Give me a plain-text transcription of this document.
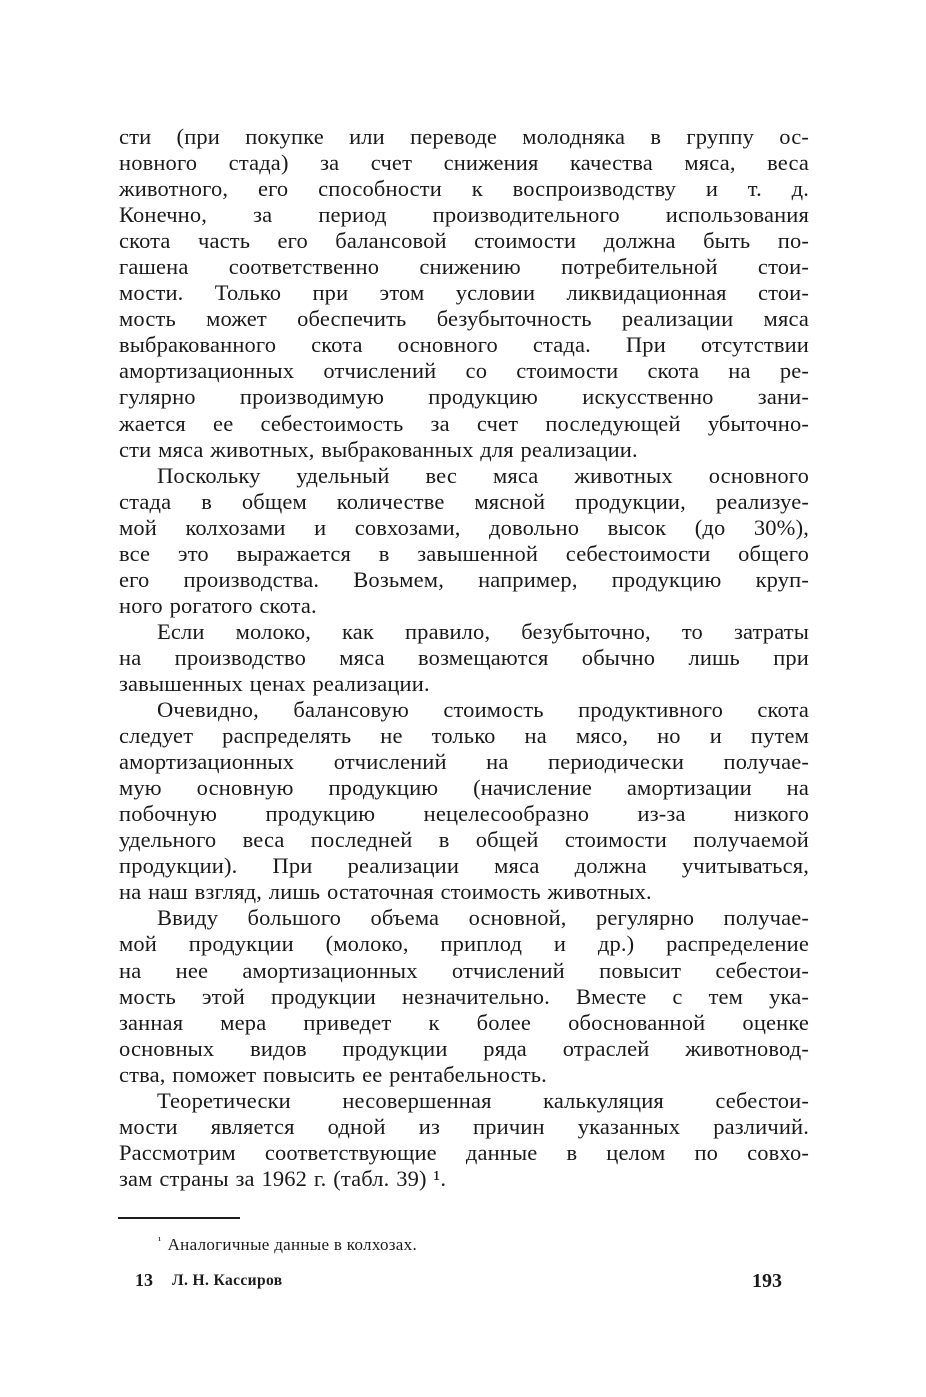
сти (при покупке или переводе молодняка в группу ос-
новного стада) за счет снижения качества мяса, веса
животного, его способности к воспроизводству и т. д.
Конечно, за период производительного использования
скота часть его балансовой стоимости должна быть по-
гашена соответственно снижению потребительной стои-
мости. Только при этом условии ликвидационная стои-
мость может обеспечить безубыточность реализации мяса
выбракованного скота основного стада. При отсутствии
амортизационных отчислений со стоимости скота на ре-
гулярно производимую продукцию искусственно зани-
жается ее себестоимость за счет последующей убыточно-
сти мяса животных, выбракованных для реализации.
Поскольку удельный вес мяса животных основного
стада в общем количестве мясной продукции, реализуе-
мой колхозами и совхозами, довольно высок (до 30%),
все это выражается в завышенной себестоимости общего
его производства. Возьмем, например, продукцию круп-
ного рогатого скота.
Если молоко, как правило, безубыточно, то затраты
на производство мяса возмещаются обычно лишь при
завышенных ценах реализации.
Очевидно, балансовую стоимость продуктивного скота
следует распределять не только на мясо, но и путем
амортизационных отчислений на периодически получае-
мую основную продукцию (начисление амортизации на
побочную продукцию нецелесообразно из-за низкого
удельного веса последней в общей стоимости получаемой
продукции). При реализации мяса должна учитываться,
на наш взгляд, лишь остаточная стоимость животных.
Ввиду большого объема основной, регулярно получае-
мой продукции (молоко, приплод и др.) распределение
на нее амортизационных отчислений повысит себестои-
мость этой продукции незначительно. Вместе с тем ука-
занная мера приведет к более обоснованной оценке
основных видов продукции ряда отраслей животновод-
ства, поможет повысить ее рентабельность.
Теоретически несовершенная калькуляция себестои-
мости является одной из причин указанных различий.
Рассмотрим соответствующие данные в целом по совхо-
зам страны за 1962 г. (табл. 39) ¹.
$^{^1}$ Аналогичные данные в колхозах.
13 Л. Н. Кассиров	193
